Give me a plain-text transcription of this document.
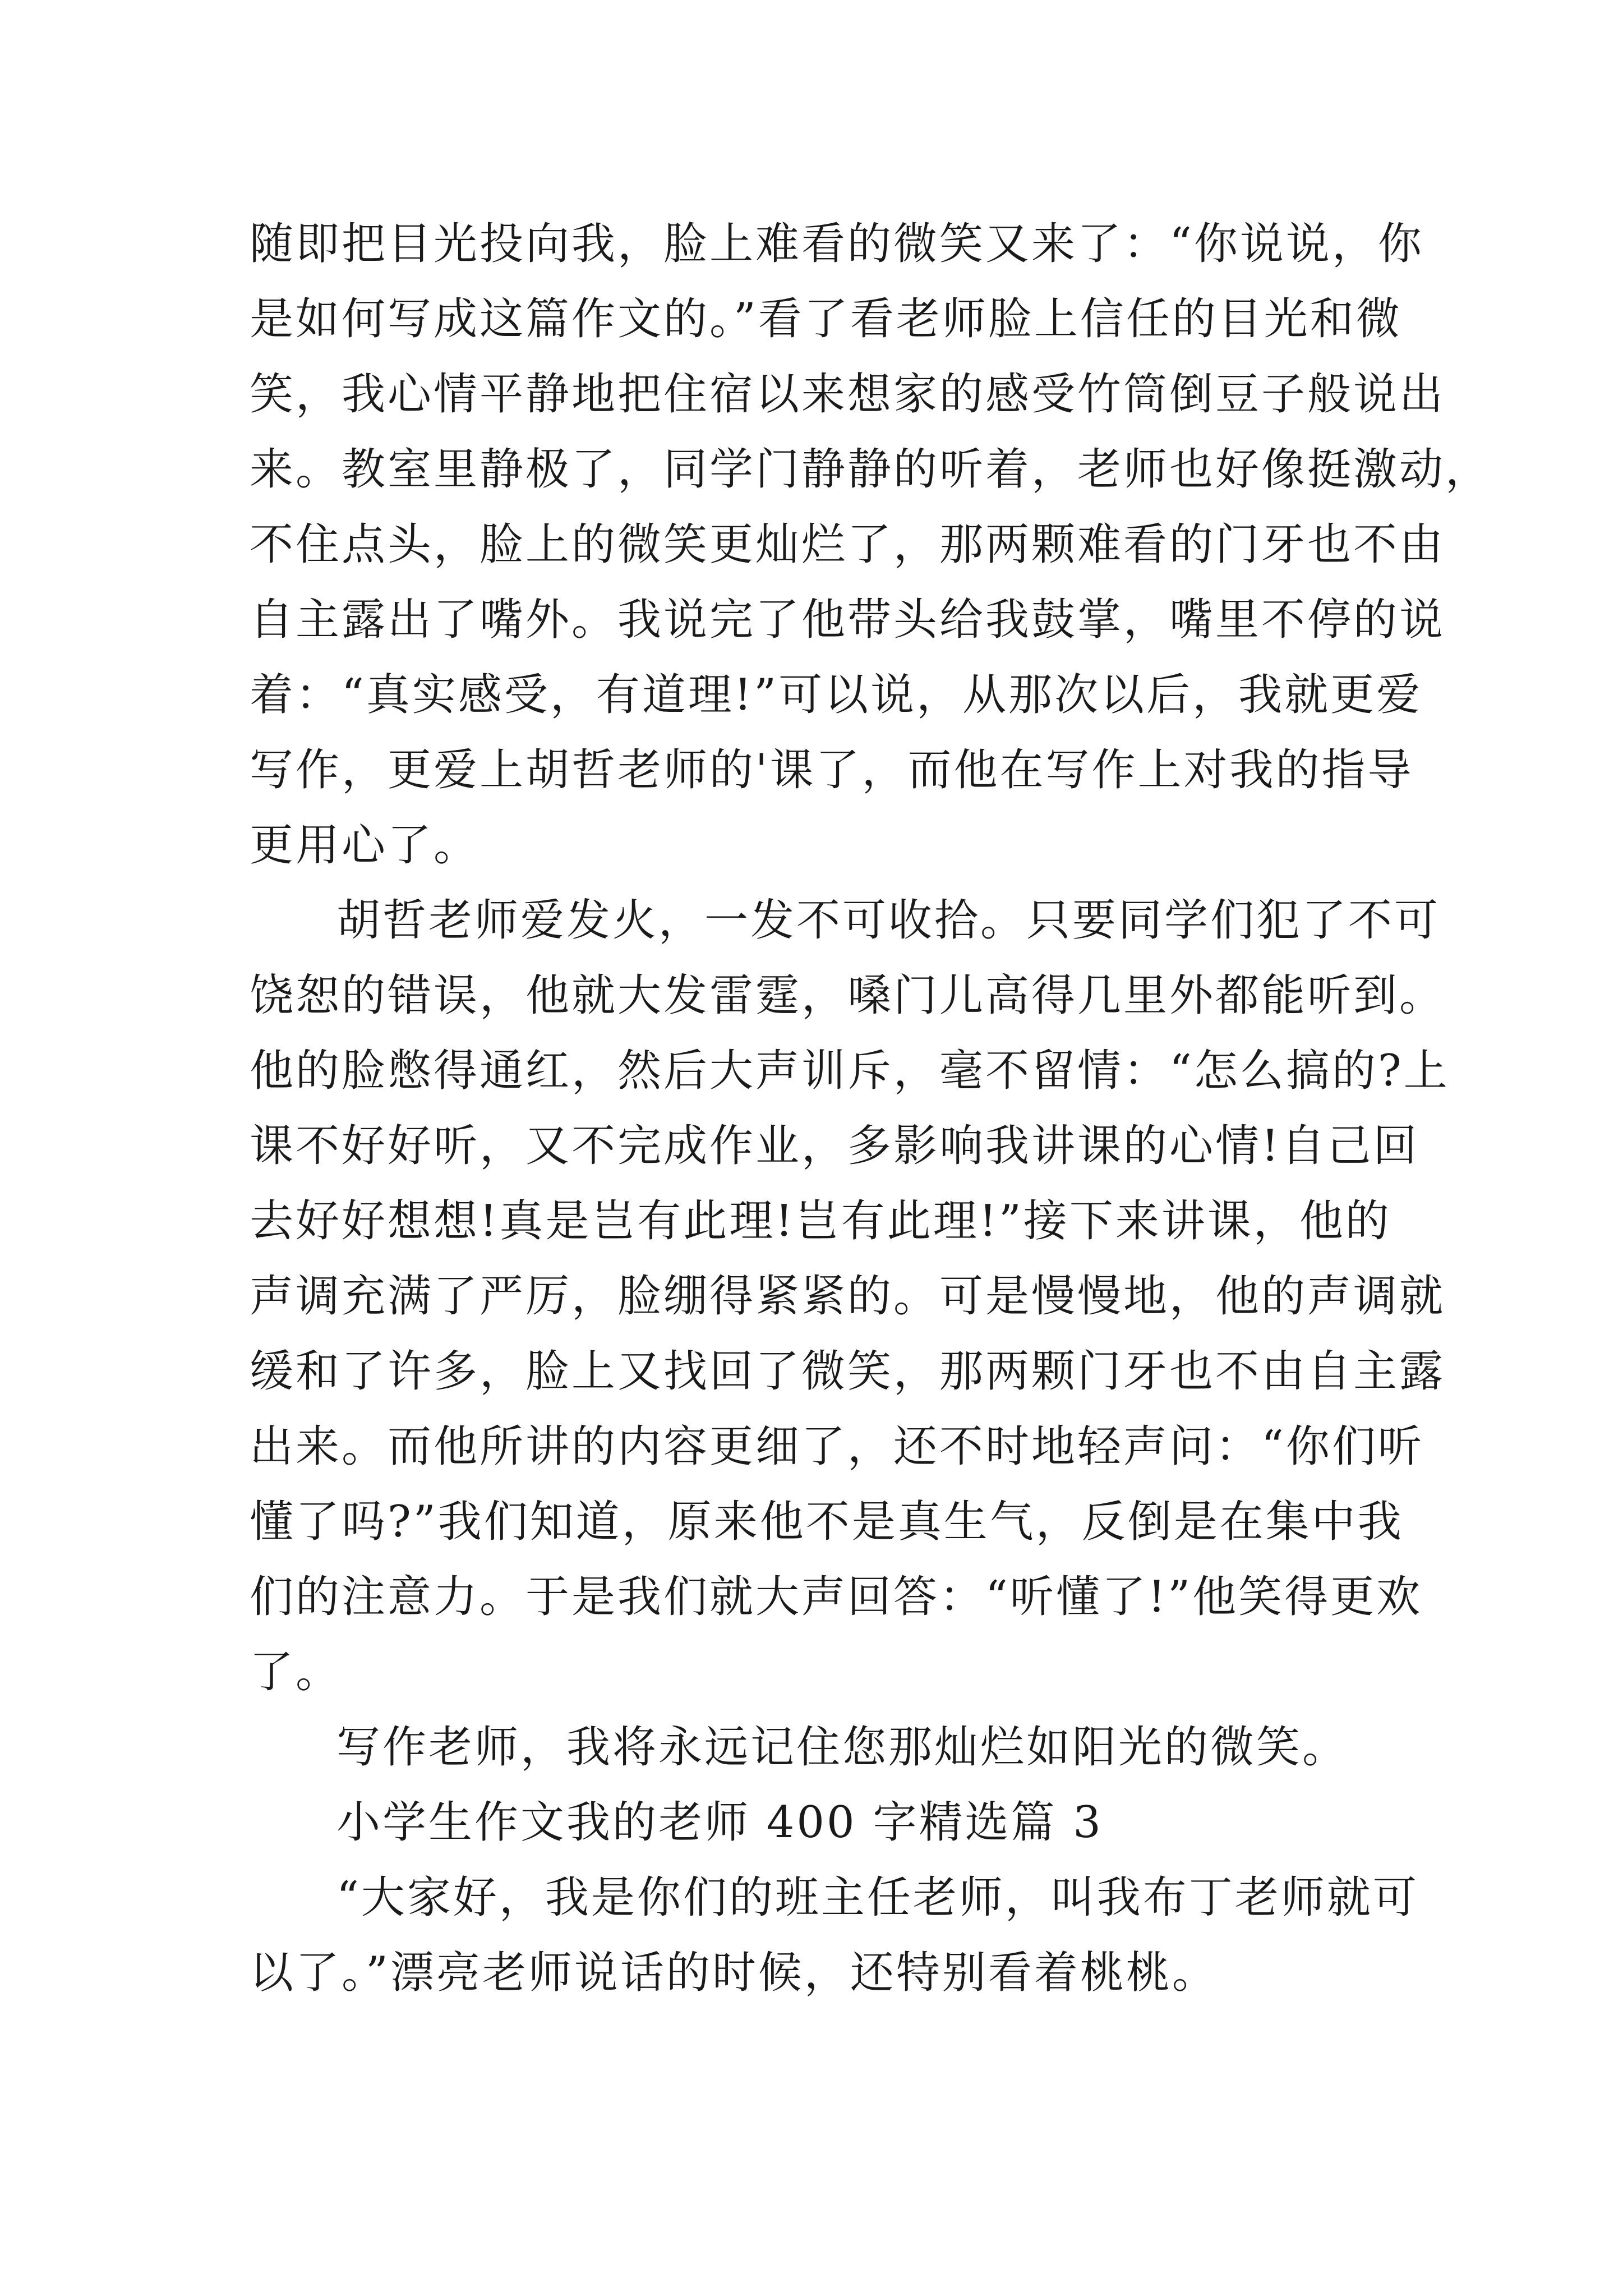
随即把目光投向我，脸上难看的微笑又来了：“你说说，你
是如何写成这篇作文的。”看了看老师脸上信任的目光和微
笑，我心情平静地把住宿以来想家的感受竹筒倒豆子般说出
来。教室里静极了，同学门静静的听着，老师也好像挺激动，
不住点头，脸上的微笑更灿烂了，那两颗难看的门牙也不由
自主露出了嘴外。我说完了他带头给我鼓掌，嘴里不停的说
着：“真实感受，有道理!”可以说，从那次以后，我就更爱
写作，更爱上胡哲老师的'课了，而他在写作上对我的指导
更用心了。
胡哲老师爱发火，一发不可收拾。只要同学们犯了不可
饶恕的错误，他就大发雷霆，嗓门儿高得几里外都能听到。
他的脸憋得通红，然后大声训斥，毫不留情：“怎么搞的?上
课不好好听，又不完成作业，多影响我讲课的心情!自己回
去好好想想!真是岂有此理!岂有此理!”接下来讲课，他的
声调充满了严厉，脸绷得紧紧的。可是慢慢地，他的声调就
缓和了许多，脸上又找回了微笑，那两颗门牙也不由自主露
出来。而他所讲的内容更细了，还不时地轻声问：“你们听
懂了吗?”我们知道，原来他不是真生气，反倒是在集中我
们的注意力。于是我们就大声回答：“听懂了!”他笑得更欢
了。
写作老师，我将永远记住您那灿烂如阳光的微笑。
小学生作文我的老师 400 字精选篇 3
“大家好，我是你们的班主任老师，叫我布丁老师就可
以了。”漂亮老师说话的时候，还特别看着桃桃。
